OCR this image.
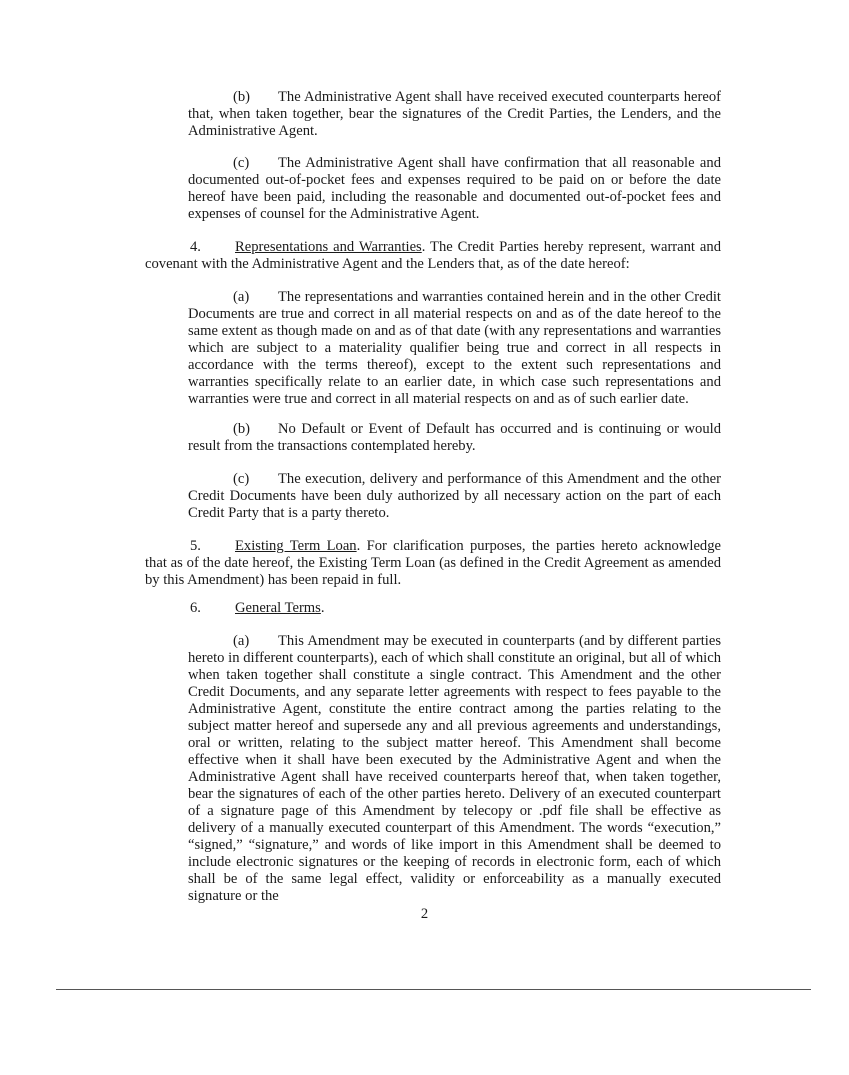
(b) The Administrative Agent shall have received executed counterparts hereof that, when taken together, bear the signatures of the Credit Parties, the Lenders, and the Administrative Agent.

(c) The Administrative Agent shall have confirmation that all reasonable and documented out-of-pocket fees and expenses required to be paid on or before the date hereof have been paid, including the reasonable and documented out-of-pocket fees and expenses of counsel for the Administrative Agent.

4. Representations and Warranties. The Credit Parties hereby represent, warrant and covenant with the Administrative Agent and the Lenders that, as of the date hereof:

(a) The representations and warranties contained herein and in the other Credit Documents are true and correct in all material respects on and as of the date hereof to the same extent as though made on and as of that date (with any representations and warranties which are subject to a materiality qualifier being true and correct in all respects in accordance with the terms thereof), except to the extent such representations and warranties specifically relate to an earlier date, in which case such representations and warranties were true and correct in all material respects on and as of such earlier date.

(b) No Default or Event of Default has occurred and is continuing or would result from the transactions contemplated hereby.

(c) The execution, delivery and performance of this Amendment and the other Credit Documents have been duly authorized by all necessary action on the part of each Credit Party that is a party thereto.

5. Existing Term Loan. For clarification purposes, the parties hereto acknowledge that as of the date hereof, the Existing Term Loan (as defined in the Credit Agreement as amended by this Amendment) has been repaid in full.

6. General Terms.

(a) This Amendment may be executed in counterparts (and by different parties hereto in different counterparts), each of which shall constitute an original, but all of which when taken together shall constitute a single contract. This Amendment and the other Credit Documents, and any separate letter agreements with respect to fees payable to the Administrative Agent, constitute the entire contract among the parties relating to the subject matter hereof and supersede any and all previous agreements and understandings, oral or written, relating to the subject matter hereof. This Amendment shall become effective when it shall have been executed by the Administrative Agent and when the Administrative Agent shall have received counterparts hereof that, when taken together, bear the signatures of each of the other parties hereto. Delivery of an executed counterpart of a signature page of this Amendment by telecopy or .pdf file shall be effective as delivery of a manually executed counterpart of this Amendment. The words “execution,” “signed,” “signature,” and words of like import in this Amendment shall be deemed to include electronic signatures or the keeping of records in electronic form, each of which shall be of the same legal effect, validity or enforceability as a manually executed signature or the

2
